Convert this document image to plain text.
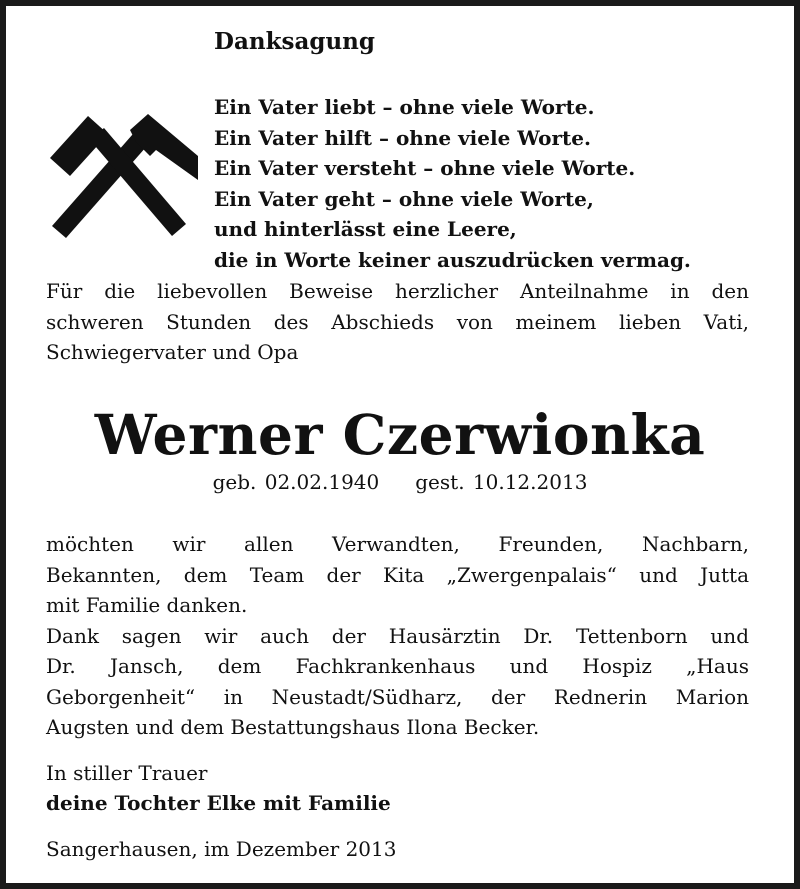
Danksagung
Ein Vater liebt – ohne viele Worte.
Ein Vater hilft – ohne viele Worte.
Ein Vater versteht – ohne viele Worte.
Ein Vater geht – ohne viele Worte,
und hinterlässt eine Leere,
die in Worte keiner auszudrücken vermag.
Für die liebevollen Beweise herzlicher Anteilnahme in den
schweren Stunden des Abschieds von meinem lieben Vati,
Schwiegervater und Opa
Werner Czerwionka
geb. 02.02.1940 gest. 10.12.2013
möchten wir allen Verwandten, Freunden, Nachbarn,
Bekannten, dem Team der Kita „Zwergenpalais“ und Jutta
mit Familie danken.
Dank sagen wir auch der Hausärztin Dr. Tettenborn und
Dr. Jansch, dem Fachkrankenhaus und Hospiz „Haus
Geborgenheit“ in Neustadt/Südharz, der Rednerin Marion
Augsten und dem Bestattungshaus Ilona Becker.
In stiller Trauer
deine Tochter Elke mit Familie
Sangerhausen, im Dezember 2013
